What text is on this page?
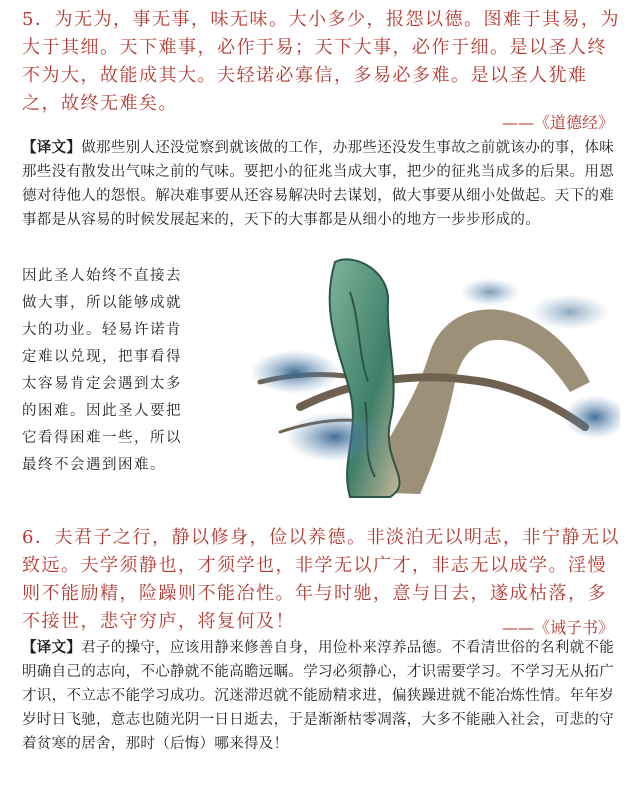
5．为无为，事无事，味无味。大小多少，报怨以德。图难于其易，为大于其细。天下难事，必作于易；天下大事，必作于细。是以圣人终不为大，故能成其大。夫轻诺必寡信，多易必多难。是以圣人犹难之，故终无难矣。

——《道德经》

【译文】做那些别人还没觉察到就该做的工作，办那些还没发生事故之前就该办的事，体味那些没有散发出气味之前的气味。要把小的征兆当成大事，把少的征兆当成多的后果。用恩德对待他人的怨恨。解决难事要从还容易解决时去谋划，做大事要从细小处做起。天下的难事都是从容易的时候发展起来的，天下的大事都是从细小的地方一步步形成的。

因此圣人始终不直接去做大事，所以能够成就大的功业。轻易许诺肯定难以兑现，把事看得太容易肯定会遇到太多的困难。因此圣人要把它看得困难一些，所以最终不会遇到困难。

6．夫君子之行，静以修身，俭以养德。非淡泊无以明志，非宁静无以致远。夫学须静也，才须学也，非学无以广才，非志无以成学。淫慢则不能励精，险躁则不能冶性。年与时驰，意与日去，遂成枯落，多不接世，悲守穷庐，将复何及！	——《诫子书》

【译文】君子的操守，应该用静来修善自身，用俭朴来淳养品德。不看清世俗的名利就不能明确自己的志向，不心静就不能高瞻远瞩。学习必须静心，才识需要学习。不学习无从拓广才识，不立志不能学习成功。沉迷滞迟就不能励精求进，偏狭躁进就不能冶炼性情。年年岁岁时日飞驰，意志也随光阴一日日逝去，于是渐渐枯零凋落，大多不能融入社会，可悲的守着贫寒的居舍，那时（后悔）哪来得及！
